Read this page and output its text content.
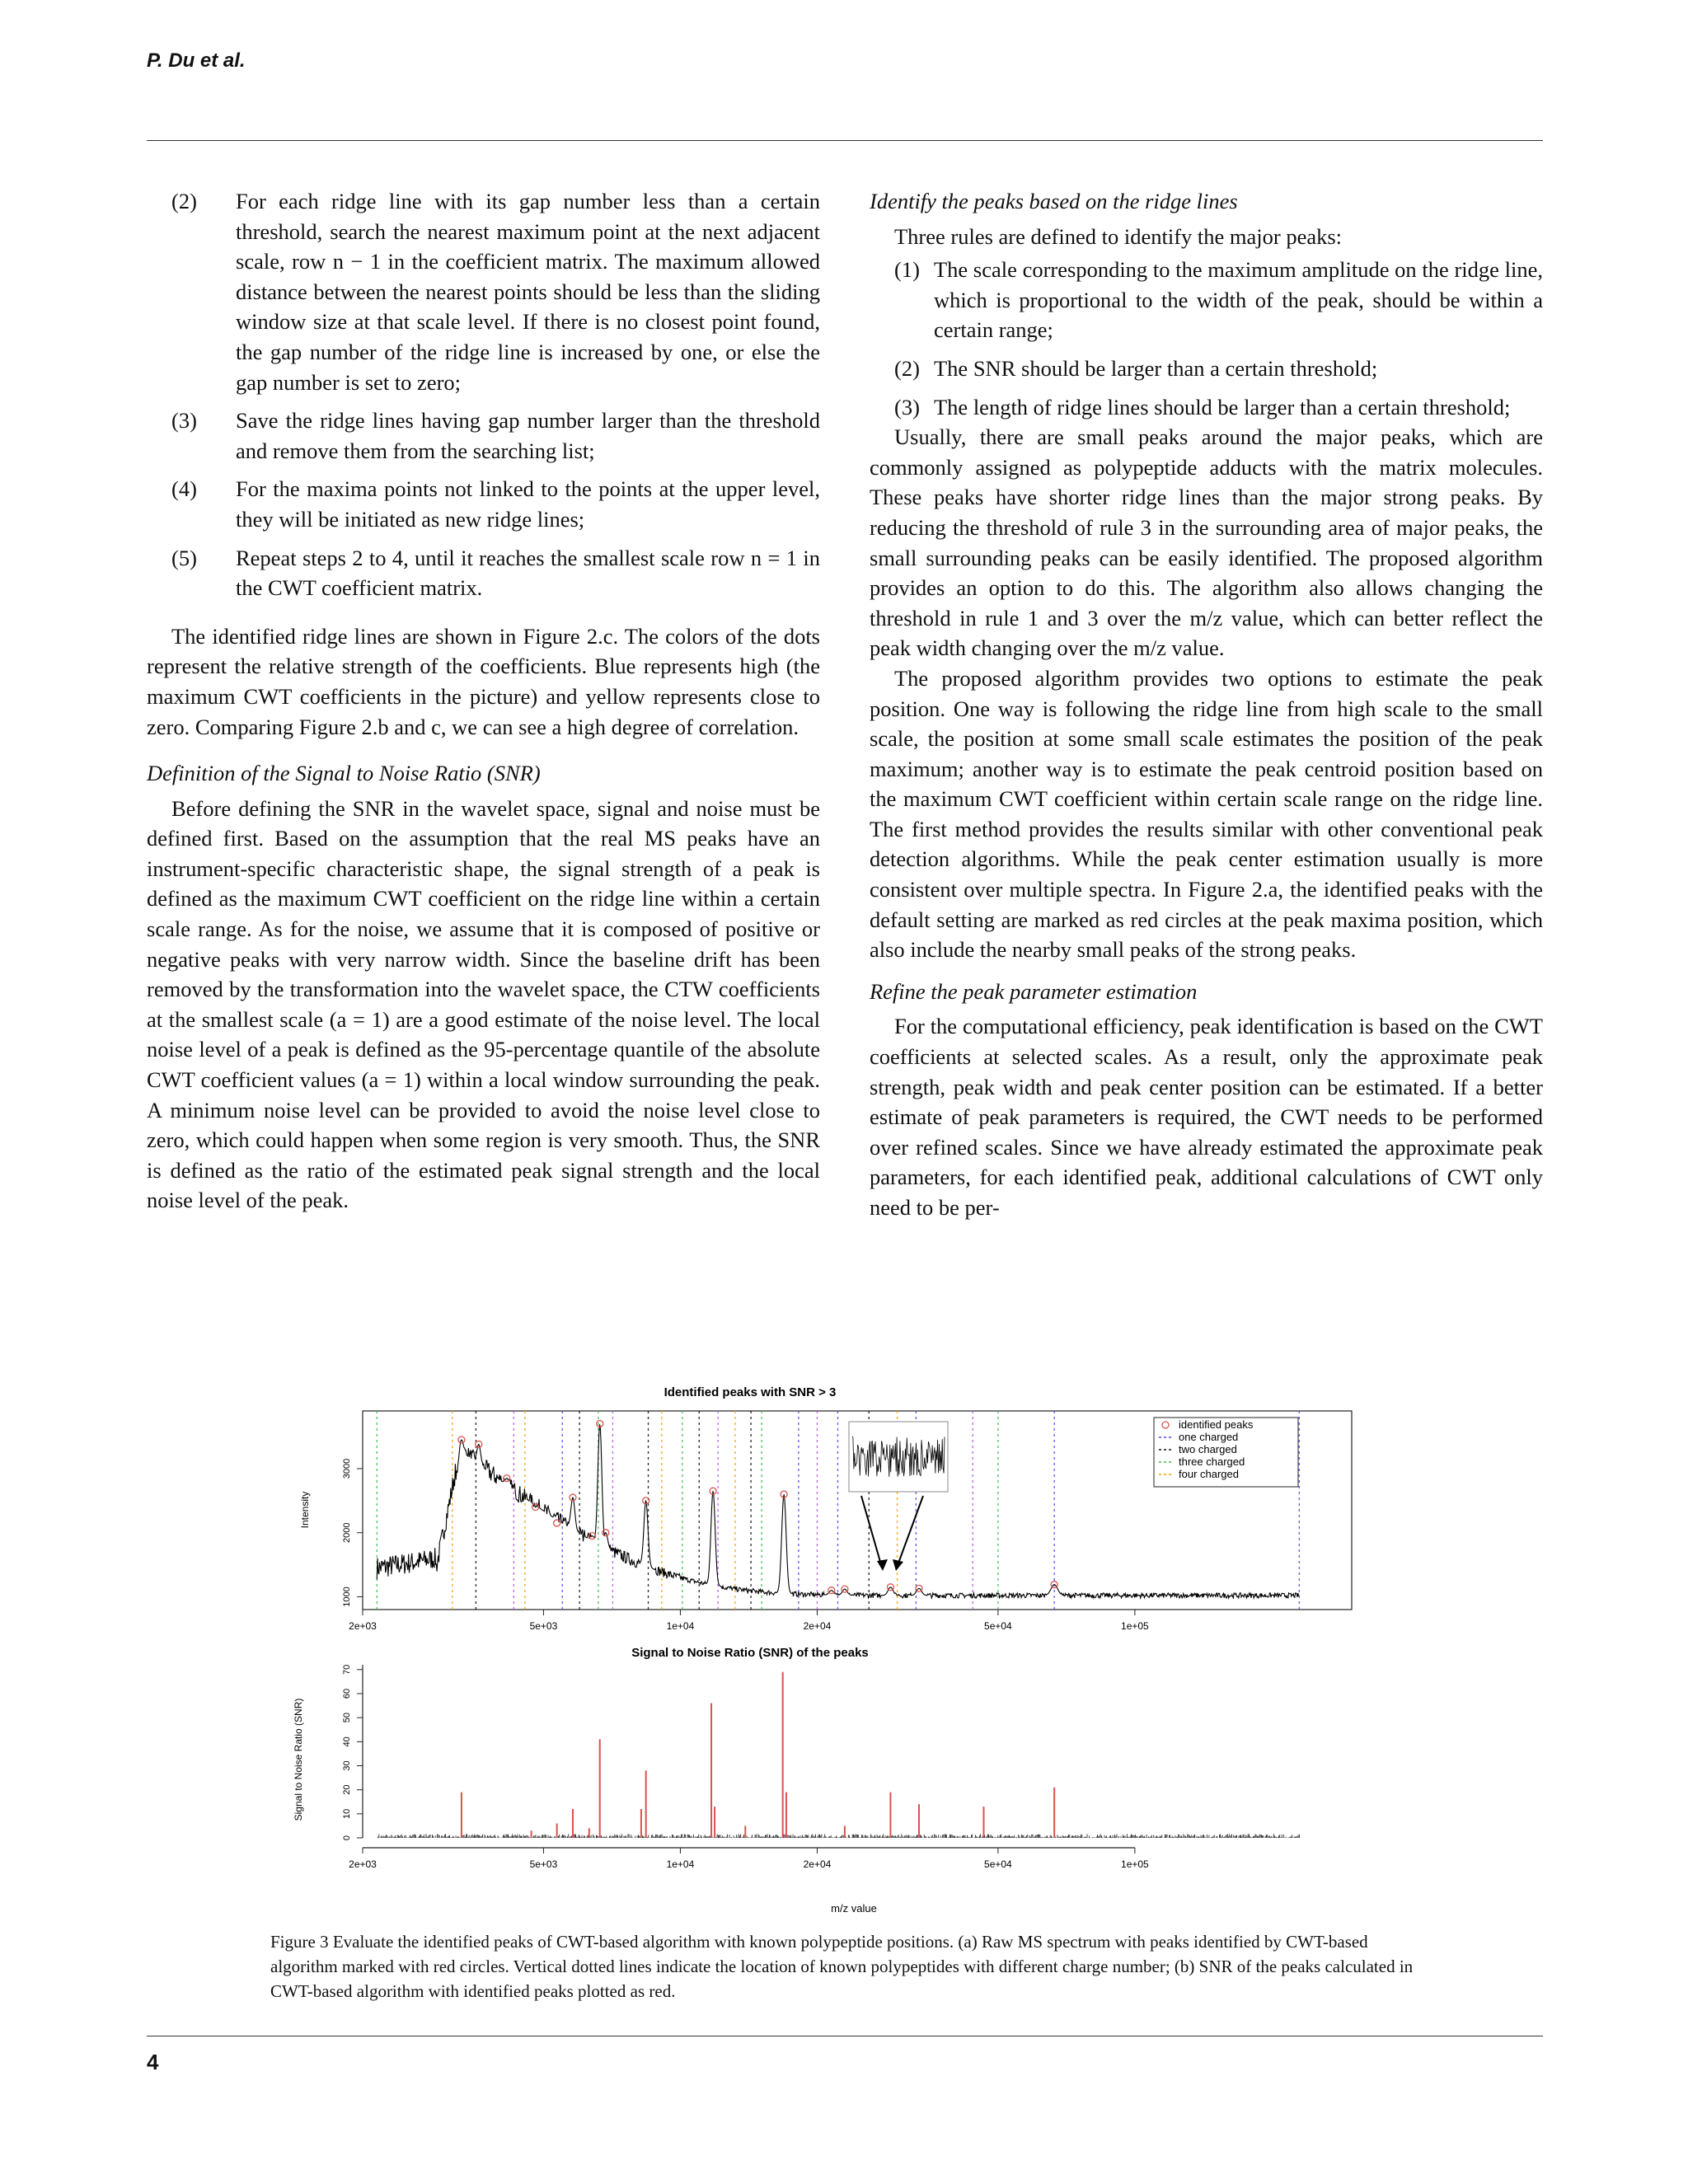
P. Du et al.
(2)	For each ridge line with its gap number less than a certain threshold, search the nearest maximum point at the next adjacent scale, row n − 1 in the coefficient matrix. The maximum allowed distance between the nearest points should be less than the sliding window size at that scale level. If there is no closest point found, the gap number of the ridge line is increased by one, or else the gap number is set to zero;
(3)	Save the ridge lines having gap number larger than the threshold and remove them from the searching list;
(4)	For the maxima points not linked to the points at the upper level, they will be initiated as new ridge lines;
(5)	Repeat steps 2 to 4, until it reaches the smallest scale row n = 1 in the CWT coefficient matrix.

The identified ridge lines are shown in Figure 2.c. The colors of the dots represent the relative strength of the coefficients. Blue represents high (the maximum CWT coefficients in the picture) and yellow represents close to zero. Comparing Figure 2.b and c, we can see a high degree of correlation.

Definition of the Signal to Noise Ratio (SNR)

Before defining the SNR in the wavelet space, signal and noise must be defined first. Based on the assumption that the real MS peaks have an instrument-specific characteristic shape, the signal strength of a peak is defined as the maximum CWT coefficient on the ridge line within a certain scale range. As for the noise, we assume that it is composed of positive or negative peaks with very narrow width. Since the baseline drift has been removed by the transformation into the wavelet space, the CTW coefficients at the smallest scale (a = 1) are a good estimate of the noise level. The local noise level of a peak is defined as the 95-percentage quantile of the absolute CWT coefficient values (a = 1) within a local window surrounding the peak. A minimum noise level can be provided to avoid the noise level close to zero, which could happen when some region is very smooth. Thus, the SNR is defined as the ratio of the estimated peak signal strength and the local noise level of the peak.

Identify the peaks based on the ridge lines

Three rules are defined to identify the major peaks:

(1) The scale corresponding to the maximum amplitude on the ridge line, which is proportional to the width of the peak, should be within a certain range;
(2) The SNR should be larger than a certain threshold;
(3) The length of ridge lines should be larger than a certain threshold;

Usually, there are small peaks around the major peaks, which are commonly assigned as polypeptide adducts with the matrix molecules. These peaks have shorter ridge lines than the major strong peaks. By reducing the threshold of rule 3 in the surrounding area of major peaks, the small surrounding peaks can be easily identified. The proposed algorithm provides an option to do this. The algorithm also allows changing the threshold in rule 1 and 3 over the m/z value, which can better reflect the peak width changing over the m/z value.

The proposed algorithm provides two options to estimate the peak position. One way is following the ridge line from high scale to the small scale, the position at some small scale estimates the position of the peak maximum; another way is to estimate the peak centroid position based on the maximum CWT coefficient within certain scale range on the ridge line. The first method provides the results similar with other conventional peak detection algorithms. While the peak center estimation usually is more consistent over multiple spectra. In Figure 2.a, the identified peaks with the default setting are marked as red circles at the peak maxima position, which also include the nearby small peaks of the strong peaks.

Refine the peak parameter estimation

For the computational efficiency, peak identification is based on the CWT coefficients at selected scales. As a result, only the approximate peak strength, peak width and peak center position can be estimated. If a better estimate of peak parameters is required, the CWT needs to be performed over refined scales. Since we have already estimated the approximate peak parameters, for each identified peak, additional calculations of CWT only need to be per-

Identified peaks with SNR > 3
2e+03	5e+03	1e+04	2e+04	5e+04	1e+05
1000
2000
3000
identified peaks
one charged
two charged
three charged
four charged
Intensity
Signal to Noise Ratio (SNR) of the peaks
2e+03	5e+03	1e+04	2e+04	5e+04	1e+05
0
10
20
30
40
50
60
70
Signal to Noise Ratio (SNR)
m/z value
Figure 3 Evaluate the identified peaks of CWT-based algorithm with known polypeptide positions. (a) Raw MS spectrum with peaks identified by CWT-based algorithm marked with red circles. Vertical dotted lines indicate the location of known polypeptides with different charge number; (b) SNR of the peaks calculated in CWT-based algorithm with identified peaks plotted as red.
4
